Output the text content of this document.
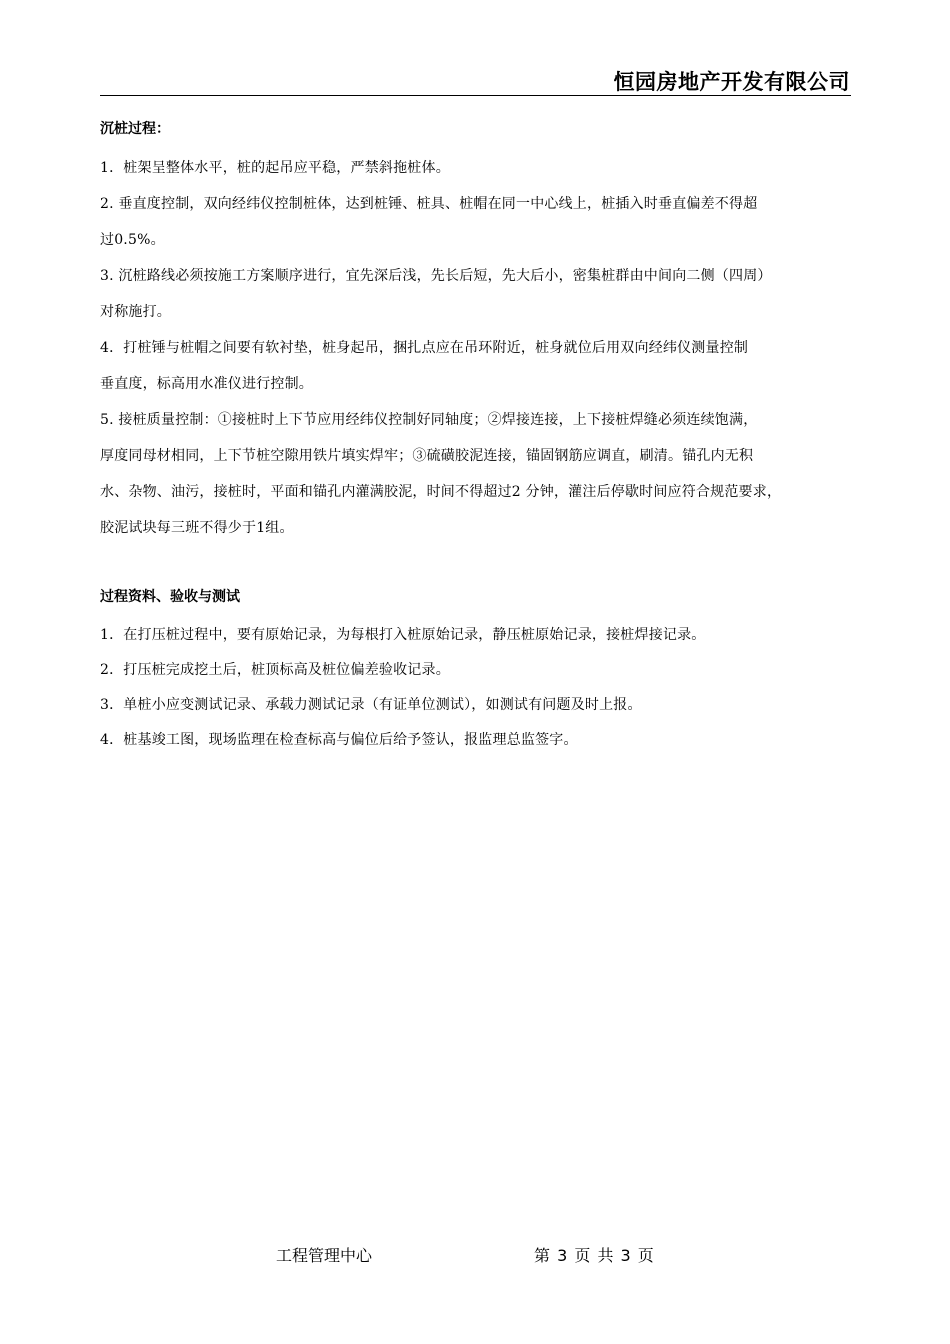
恒园房地产开发有限公司
沉桩过程：
1．桩架呈整体水平，桩的起吊应平稳，严禁斜拖桩体。
2. 垂直度控制，双向经纬仪控制桩体，达到桩锤、桩具、桩帽在同一中心线上，桩插入时垂直偏差不得超
过0.5%。
3. 沉桩路线必须按施工方案顺序进行，宜先深后浅，先长后短，先大后小，密集桩群由中间向二侧（四周）
对称施打。
4．打桩锤与桩帽之间要有软衬垫，桩身起吊，捆扎点应在吊环附近，桩身就位后用双向经纬仪测量控制
垂直度，标高用水准仪进行控制。
5. 接桩质量控制：①接桩时上下节应用经纬仪控制好同轴度；②焊接连接，上下接桩焊缝必须连续饱满，
厚度同母材相同，上下节桩空隙用铁片填实焊牢；③硫磺胶泥连接，锚固钢筋应调直，刷清。锚孔内无积
水、杂物、油污，接桩时，平面和锚孔内灌满胶泥，时间不得超过2 分钟，灌注后停歇时间应符合规范要求，
胶泥试块每三班不得少于1组。
过程资料、验收与测试
1．在打压桩过程中，要有原始记录，为每根打入桩原始记录，静压桩原始记录，接桩焊接记录。
2．打压桩完成挖土后，桩顶标高及桩位偏差验收记录。
3．单桩小应变测试记录、承载力测试记录（有证单位测试），如测试有问题及时上报。
4．桩基竣工图，现场监理在检查标高与偏位后给予签认，报监理总监签字。
工程管理中心	第 3 页 共 3 页
